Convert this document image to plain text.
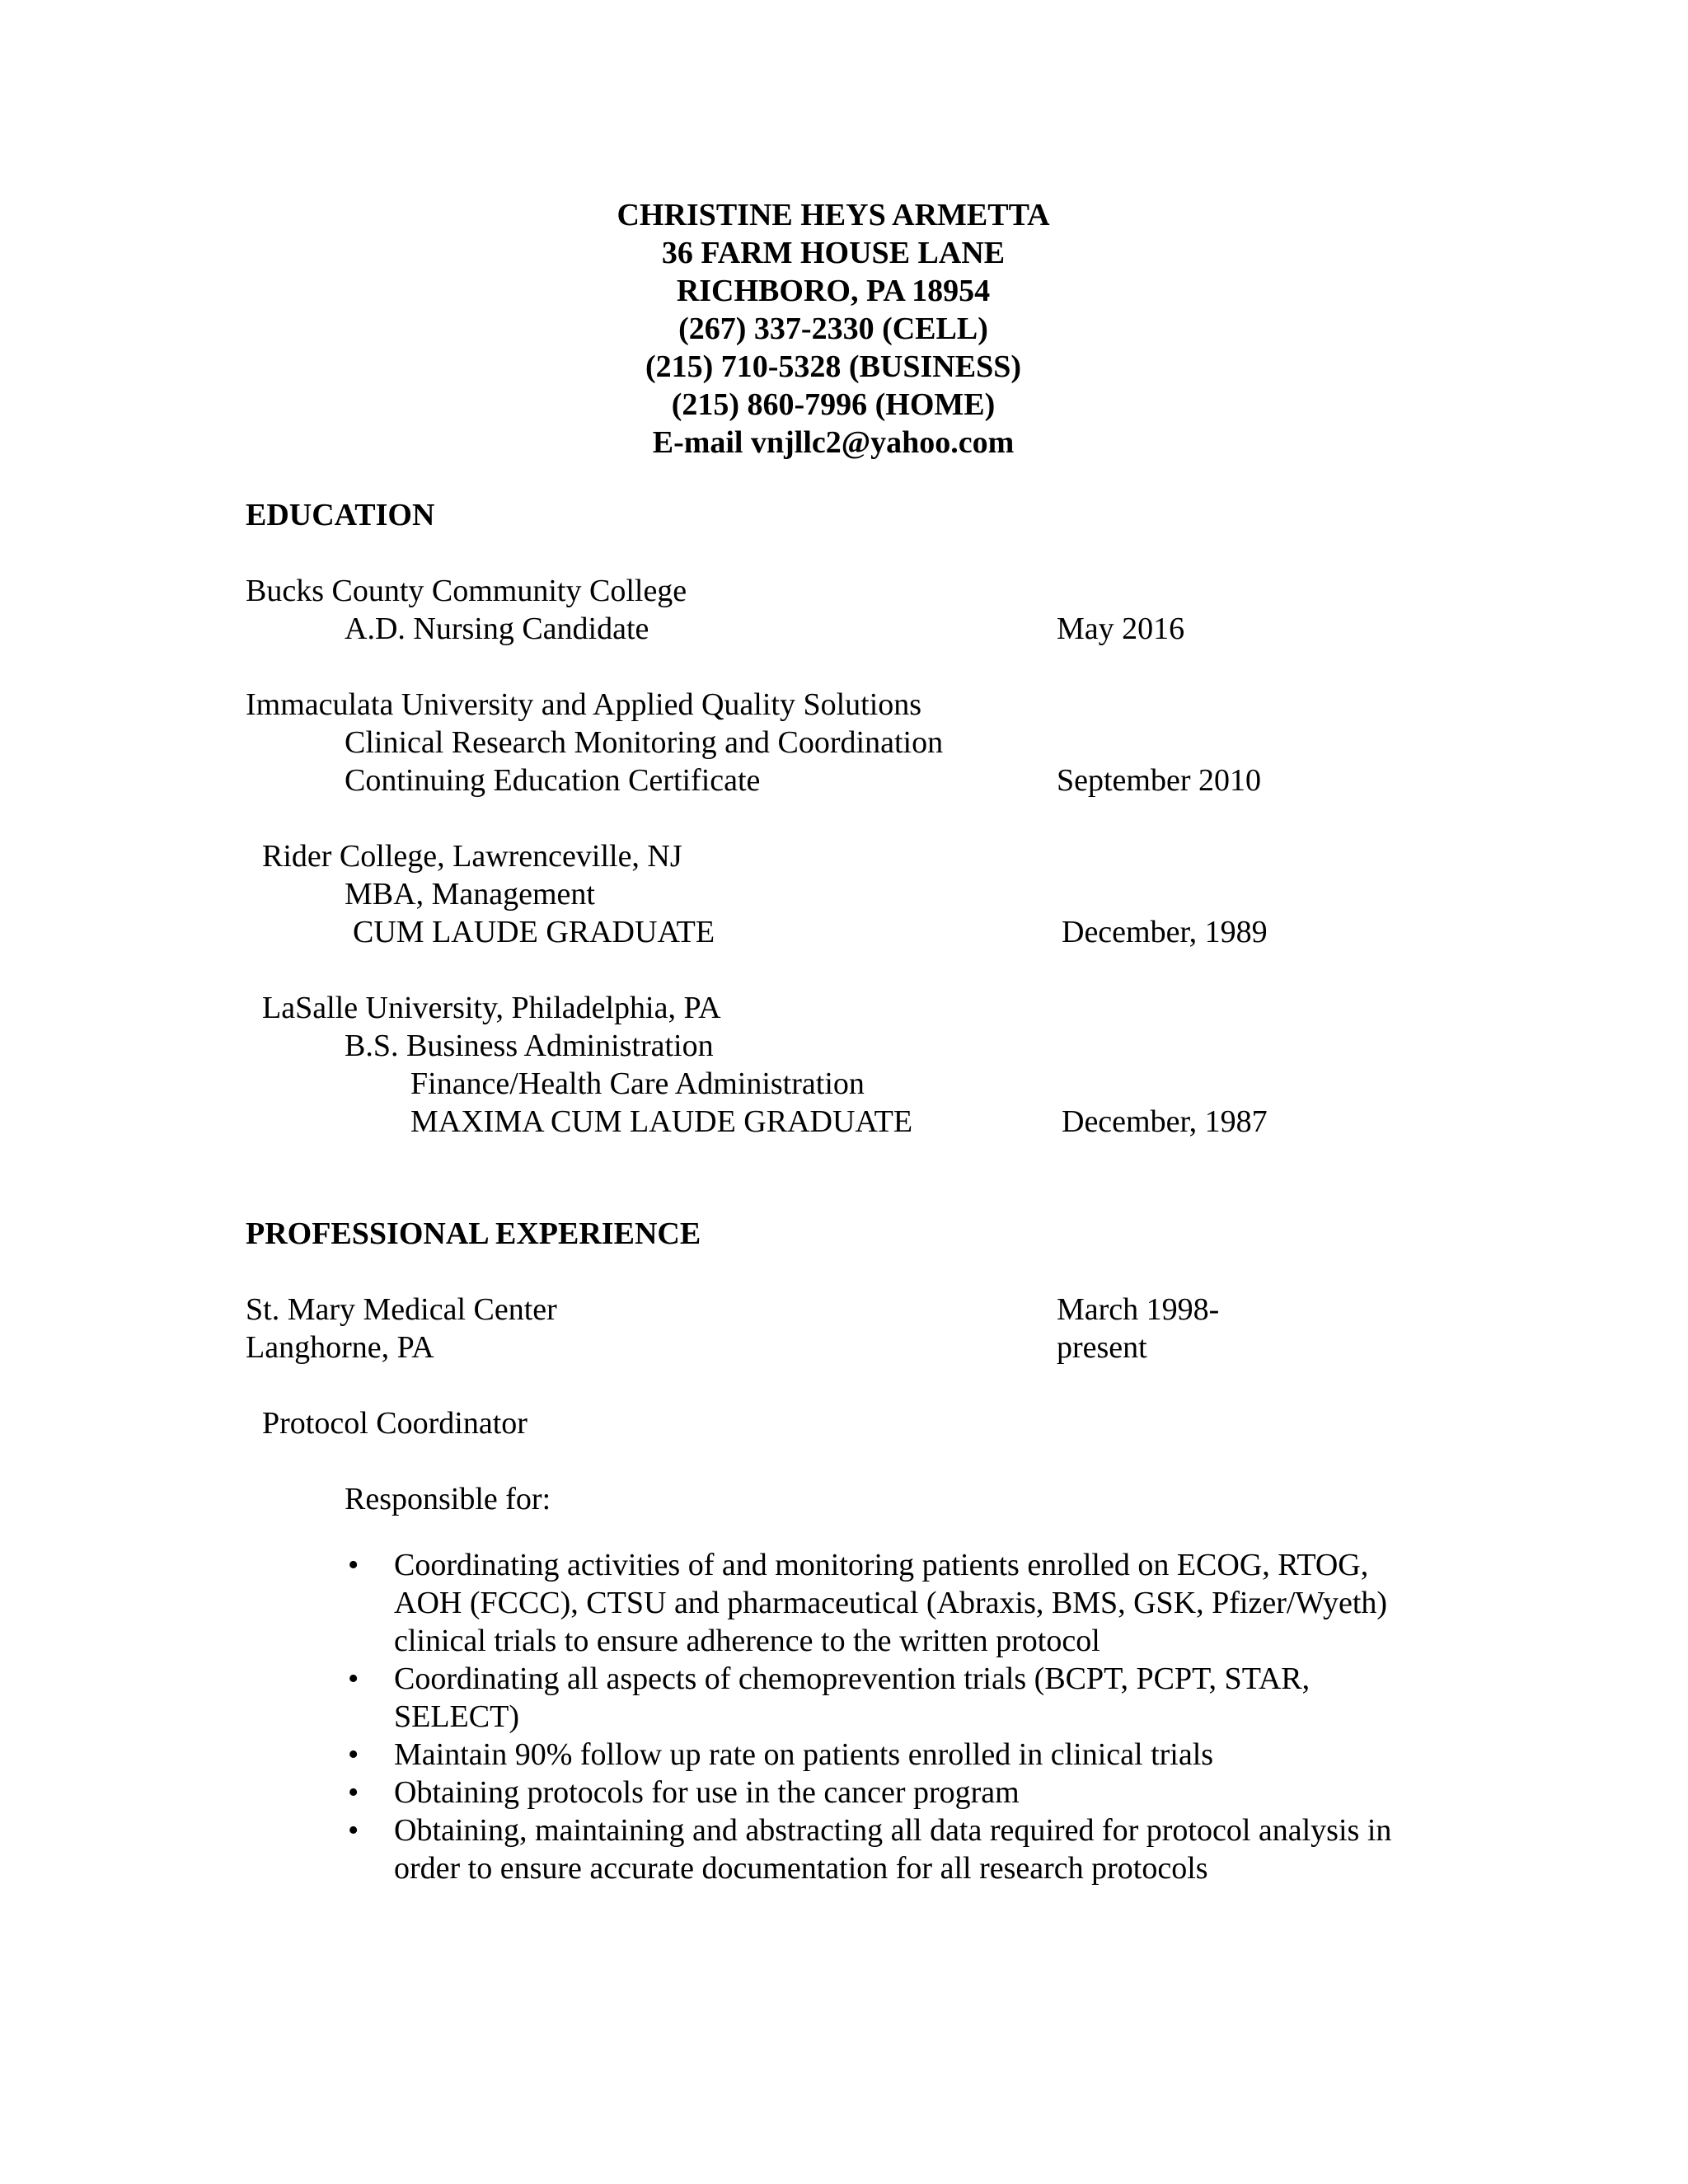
CHRISTINE HEYS ARMETTA
36 FARM HOUSE LANE
RICHBORO, PA 18954
(267) 337-2330 (CELL)
(215) 710-5328 (BUSINESS)
(215) 860-7996 (HOME)
E-mail vnjllc2@yahoo.com
EDUCATION
Bucks County Community College
A.D. Nursing Candidate	May 2016
Immaculata University and Applied Quality Solutions
Clinical Research Monitoring and Coordination
Continuing Education Certificate	September 2010
Rider College, Lawrenceville, NJ
MBA, Management
CUM LAUDE GRADUATE	December, 1989
LaSalle University, Philadelphia, PA
B.S. Business Administration
Finance/Health Care Administration
MAXIMA CUM LAUDE GRADUATE	December, 1987
PROFESSIONAL EXPERIENCE
St. Mary Medical Center	March 1998-
Langhorne, PA	present
Protocol Coordinator
Responsible for:
• Coordinating activities of and monitoring patients enrolled on ECOG, RTOG, AOH (FCCC), CTSU and pharmaceutical (Abraxis, BMS, GSK, Pfizer/Wyeth) clinical trials to ensure adherence to the written protocol
• Coordinating all aspects of chemoprevention trials (BCPT, PCPT, STAR, SELECT)
• Maintain 90% follow up rate on patients enrolled in clinical trials
• Obtaining protocols for use in the cancer program
• Obtaining, maintaining and abstracting all data required for protocol analysis in order to ensure accurate documentation for all research protocols
